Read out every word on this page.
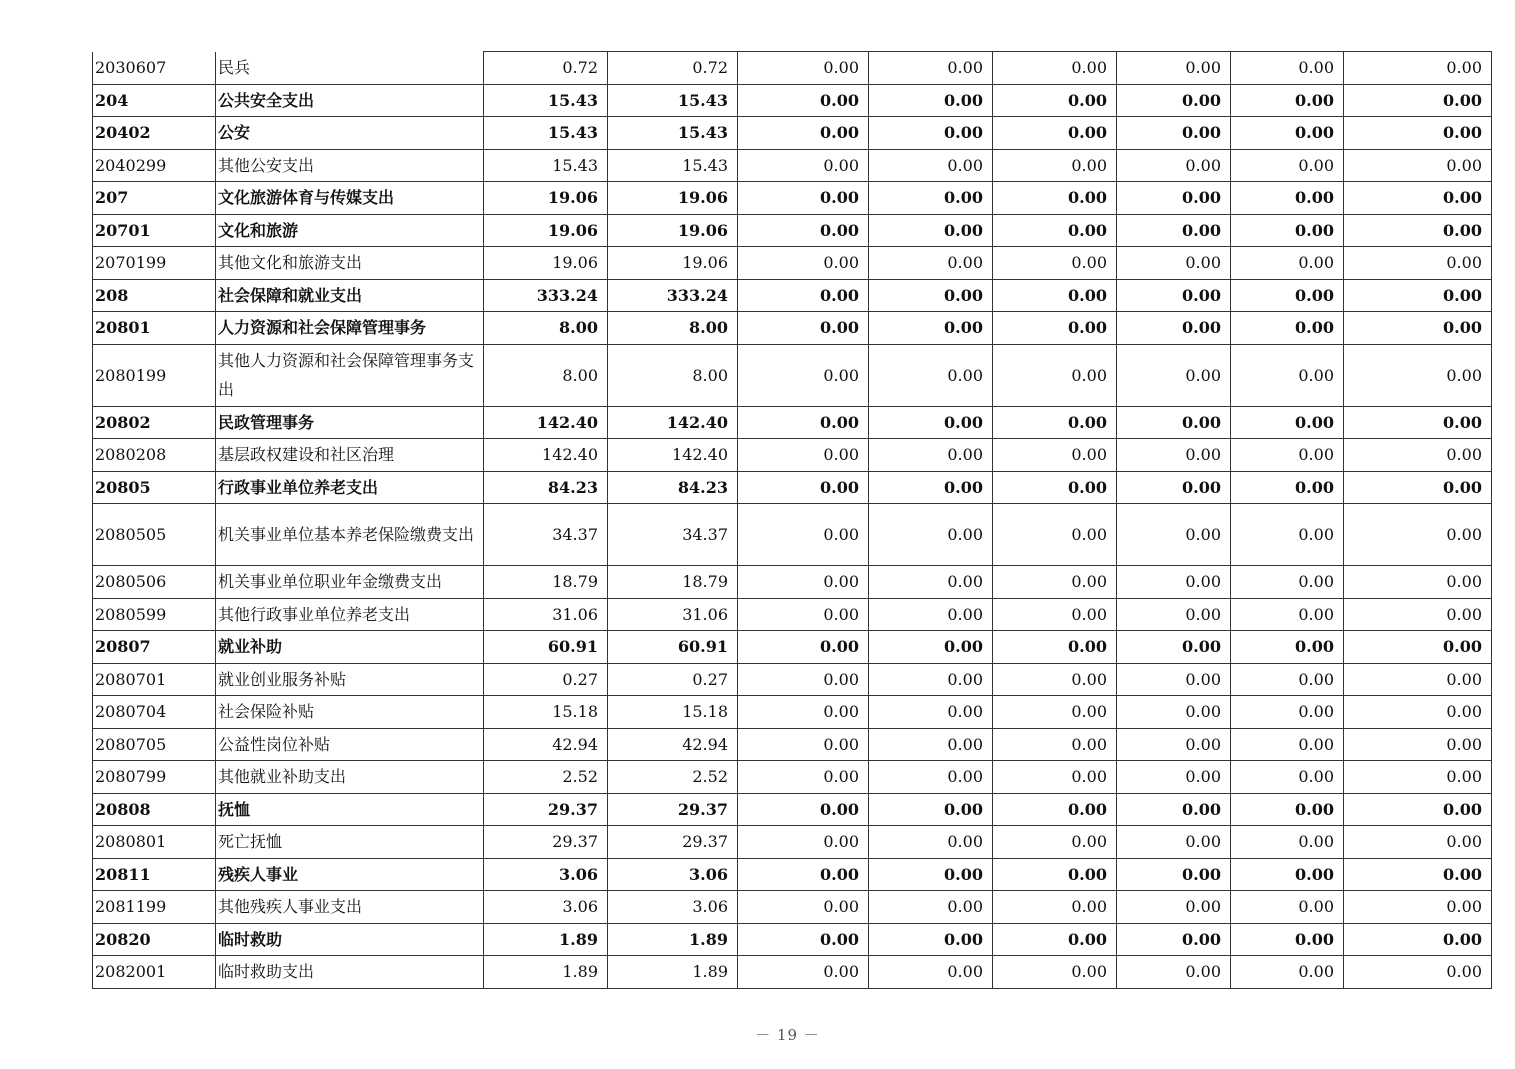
2030607	民兵	0.72	0.72	0.00	0.00	0.00	0.00	0.00	0.00
204	公共安全支出	15.43	15.43	0.00	0.00	0.00	0.00	0.00	0.00
20402	公安	15.43	15.43	0.00	0.00	0.00	0.00	0.00	0.00
2040299	其他公安支出	15.43	15.43	0.00	0.00	0.00	0.00	0.00	0.00
207	文化旅游体育与传媒支出	19.06	19.06	0.00	0.00	0.00	0.00	0.00	0.00
20701	文化和旅游	19.06	19.06	0.00	0.00	0.00	0.00	0.00	0.00
2070199	其他文化和旅游支出	19.06	19.06	0.00	0.00	0.00	0.00	0.00	0.00
208	社会保障和就业支出	333.24	333.24	0.00	0.00	0.00	0.00	0.00	0.00
20801	人力资源和社会保障管理事务	8.00	8.00	0.00	0.00	0.00	0.00	0.00	0.00
2080199	其他人力资源和社会保障管理事务支出	8.00	8.00	0.00	0.00	0.00	0.00	0.00	0.00
20802	民政管理事务	142.40	142.40	0.00	0.00	0.00	0.00	0.00	0.00
2080208	基层政权建设和社区治理	142.40	142.40	0.00	0.00	0.00	0.00	0.00	0.00
20805	行政事业单位养老支出	84.23	84.23	0.00	0.00	0.00	0.00	0.00	0.00
2080505	机关事业单位基本养老保险缴费支出	34.37	34.37	0.00	0.00	0.00	0.00	0.00	0.00
2080506	机关事业单位职业年金缴费支出	18.79	18.79	0.00	0.00	0.00	0.00	0.00	0.00
2080599	其他行政事业单位养老支出	31.06	31.06	0.00	0.00	0.00	0.00	0.00	0.00
20807	就业补助	60.91	60.91	0.00	0.00	0.00	0.00	0.00	0.00
2080701	就业创业服务补贴	0.27	0.27	0.00	0.00	0.00	0.00	0.00	0.00
2080704	社会保险补贴	15.18	15.18	0.00	0.00	0.00	0.00	0.00	0.00
2080705	公益性岗位补贴	42.94	42.94	0.00	0.00	0.00	0.00	0.00	0.00
2080799	其他就业补助支出	2.52	2.52	0.00	0.00	0.00	0.00	0.00	0.00
20808	抚恤	29.37	29.37	0.00	0.00	0.00	0.00	0.00	0.00
2080801	死亡抚恤	29.37	29.37	0.00	0.00	0.00	0.00	0.00	0.00
20811	残疾人事业	3.06	3.06	0.00	0.00	0.00	0.00	0.00	0.00
2081199	其他残疾人事业支出	3.06	3.06	0.00	0.00	0.00	0.00	0.00	0.00
20820	临时救助	1.89	1.89	0.00	0.00	0.00	0.00	0.00	0.00
2082001	临时救助支出	1.89	1.89	0.00	0.00	0.00	0.00	0.00	0.00
－ 19 －
